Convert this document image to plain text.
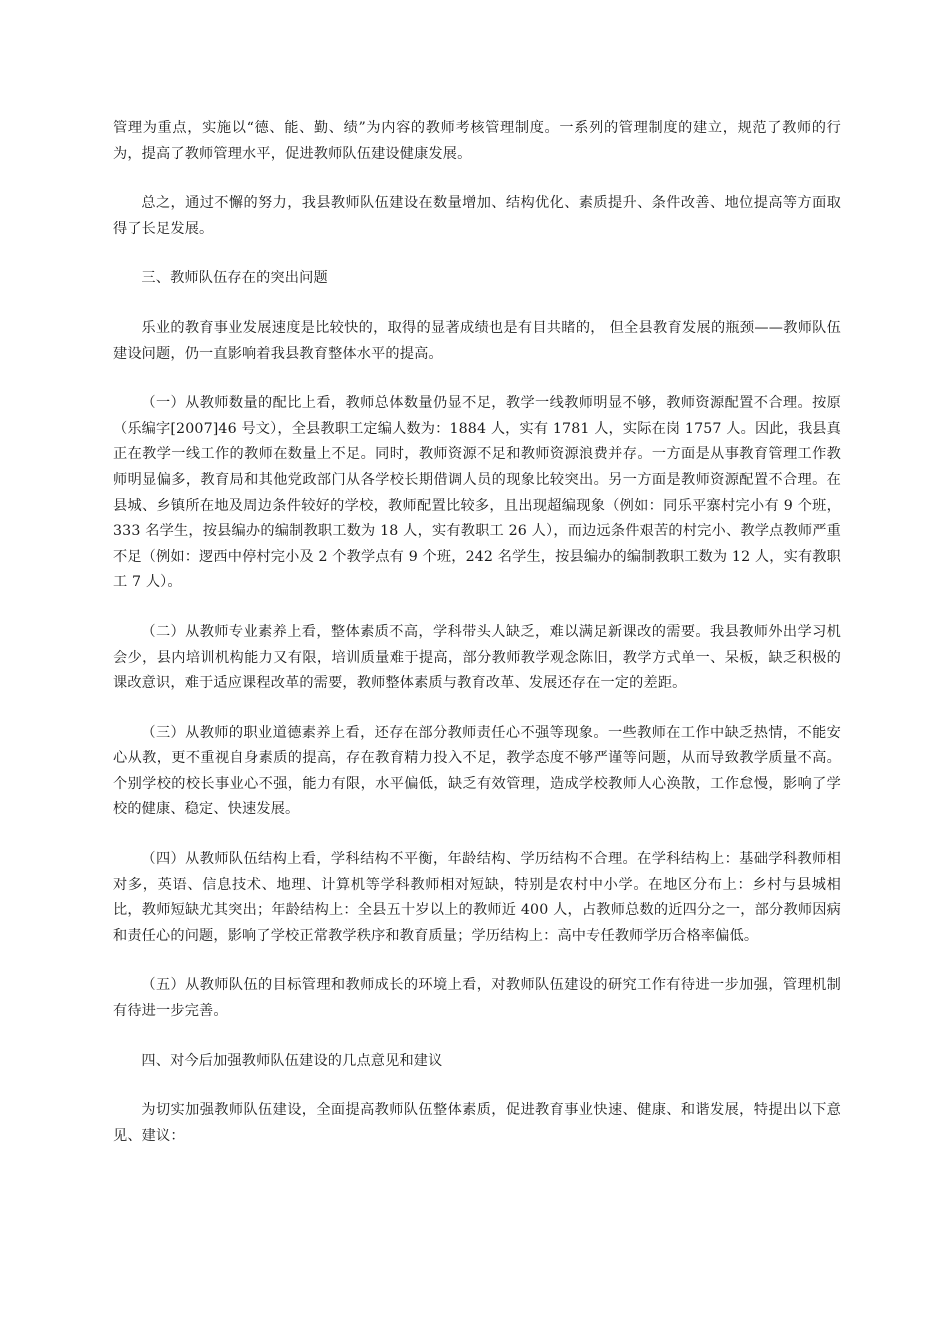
管理为重点，实施以“德、能、勤、绩”为内容的教师考核管理制度。一系列的管理制度的建立，规范了教师的行为，提高了教师管理水平，促进教师队伍建设健康发展。

总之，通过不懈的努力，我县教师队伍建设在数量增加、结构优化、素质提升、条件改善、地位提高等方面取得了长足发展。

三、教师队伍存在的突出问题

乐业的教育事业发展速度是比较快的，取得的显著成绩也是有目共睹的， 但全县教育发展的瓶颈——教师队伍建设问题，仍一直影响着我县教育整体水平的提高。

（一）从教师数量的配比上看，教师总体数量仍显不足，教学一线教师明显不够，教师资源配置不合理。按原（乐编字[2007]46 号文），全县教职工定编人数为：1884 人，实有 1781 人，实际在岗 1757 人。因此，我县真正在教学一线工作的教师在数量上不足。同时，教师资源不足和教师资源浪费并存。一方面是从事教育管理工作教师明显偏多，教育局和其他党政部门从各学校长期借调人员的现象比较突出。另一方面是教师资源配置不合理。在县城、乡镇所在地及周边条件较好的学校，教师配置比较多，且出现超编现象（例如：同乐平寨村完小有 9 个班，333 名学生，按县编办的编制教职工数为 18 人，实有教职工 26 人），而边远条件艰苦的村完小、教学点教师严重不足（例如：逻西中停村完小及 2 个教学点有 9 个班，242 名学生，按县编办的编制教职工数为 12 人，实有教职工 7 人）。

（二）从教师专业素养上看，整体素质不高，学科带头人缺乏，难以满足新课改的需要。我县教师外出学习机会少，县内培训机构能力又有限，培训质量难于提高，部分教师教学观念陈旧，教学方式单一、呆板，缺乏积极的课改意识，难于适应课程改革的需要，教师整体素质与教育改革、发展还存在一定的差距。

（三）从教师的职业道德素养上看，还存在部分教师责任心不强等现象。一些教师在工作中缺乏热情，不能安心从教，更不重视自身素质的提高，存在教育精力投入不足，教学态度不够严谨等问题，从而导致教学质量不高。个别学校的校长事业心不强，能力有限，水平偏低，缺乏有效管理，造成学校教师人心涣散，工作怠慢，影响了学校的健康、稳定、快速发展。

（四）从教师队伍结构上看，学科结构不平衡，年龄结构、学历结构不合理。在学科结构上：基础学科教师相对多，英语、信息技术、地理、计算机等学科教师相对短缺，特别是农村中小学。在地区分布上：乡村与县城相比，教师短缺尤其突出；年龄结构上：全县五十岁以上的教师近 400 人，占教师总数的近四分之一，部分教师因病和责任心的问题，影响了学校正常教学秩序和教育质量；学历结构上：高中专任教师学历合格率偏低。

（五）从教师队伍的目标管理和教师成长的环境上看，对教师队伍建设的研究工作有待进一步加强，管理机制有待进一步完善。

四、对今后加强教师队伍建设的几点意见和建议

为切实加强教师队伍建设，全面提高教师队伍整体素质，促进教育事业快速、健康、和谐发展，特提出以下意见、建议：
